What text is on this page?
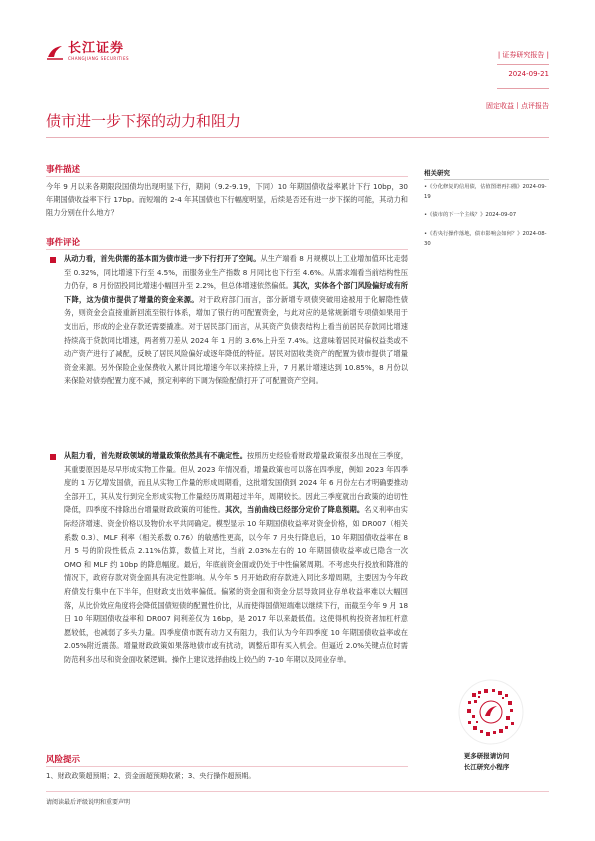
长江证券
CHANGJIANG SECURITIES	| 证券研究报告 |
2024-09-21
固定收益丨点评报告
债市进一步下探的动力和阻力
事件描述
今年 9 月以来各期限段国债均出现明显下行，期间（9.2-9.19，下同）10 年期国债收益率累计下行 10bp，30 年期国债收益率下行 17bp。而短端的 2-4 年其国债也下行幅度明显，后续是否还有进一步下探的可能，其动力和阻力分别在什么地方？
事件评论
从动力看，首先供需的基本面为债市进一步下行打开了空间。从生产端看 8 月规模以上工业增加值环比走弱至 0.32%，同比增速下行至 4.5%，而服务业生产指数 8 月同比也下行至 4.6%。从需求端看当前结构性压力仍存，8 月份固投同比增速小幅回升至 2.2%，但总体增速依然偏低。其次，实体各个部门风险偏好或有所下降，这为债市提供了增量的资金来源。对于政府部门而言，部分新增专项债突破用途被用于化解隐性债务，则资金会直接重新回流至银行体系，增加了银行的可配置资金，与此对应的是常规新增专项债如果用于支出后，形成的企业存款还需要撬准。对于居民部门而言，从其资产负债表结构上看当前居民存款同比增速持续高于贷款同比增速，两者剪刀差从 2024 年 1 月的 3.6%上升至 7.4%。这意味着居民对偏权益类或不动产资产进行了减配，反映了居民风险偏好或逐年降低的特征。居民对固收类资产的配置为债市提供了增量资金来源。另外保险企业保费收入累计同比增速今年以来持续上升，7 月累计增速达到 10.85%，8 月份以来保险对债券配置力度不减，预定利率的下调为保险配债打开了可配置资产空间。
从阻力看，首先财政领域的增量政策依然具有不确定性。按照历史经验看财政增量政策很多出现在三季度，其重要原因是尽早形成实物工作量。但从 2023 年情况看，增量政策也可以落在四季度，例如 2023 年四季度的 1 万亿增发国债，而且从实物工作量的形成周期看，这批增发国债到 2024 年 6 月份左右才明确要推动全部开工，其从发行到完全形成实物工作量经历周期超过半年，周期较长。因此三季度就出台政策的迫切性降低，四季度不排除出台增量财政政策的可能性。其次，当前曲线已经部分定价了降息预期。名义利率由实际经济增速、资金价格以及物价水平共同确定。模型显示 10 年期国债收益率对资金价格，如 DR007（相关系数 0.3）、MLF 利率（相关系数 0.76）的敏感性更高，以今年 7 月央行降息后，10 年期国债收益率在 8 月 5 号的阶段性低点 2.11%估算，数值上对比，当前 2.03%左右的 10 年期国债收益率或已隐含一次 OMO 和 MLF 约 10bp 的降息幅度。最后，年底前资金面或仍处于中性偏紧周期。不考虑央行投放和降准的情况下，政府存款对资金面具有决定性影响。从今年 5 月开始政府存款进入同比多增周期，主要因为今年政府债发行集中在下半年，但财政支出效率偏低。偏紧的资金面和资金分层导致同业存单收益率难以大幅回落，从比价效应角度将会降低国债短债的配置性价比，从而使得国债短端难以继续下行，而截至今年 9 月 18 日 10 年期国债收益率和 DR007 间利差仅为 16bp，是 2017 年以来最低值。这使得机构投资者加杠杆意愿较低，也减弱了多头力量。四季度债市既有动力又有阻力，我们认为今年四季度 10 年期国债收益率或在 2.05%附近震荡。增量财政政策如果落地债市或有扰动，调整后即有买入机会。但逼近 2.0%关键点位时需防范利多出尽和资金面收紧逻辑。操作上建议选择曲线上较凸的 7-10 年期以及同业存单。
风险提示
1、财政政策超预期；2、资金面超预期收紧；3、央行操作超预期。
请阅读最后评级说明和重要声明
相关研究
•《分化修复的信用债，估值图谱再扫描》2024-09-19
•《债市的下一个主线？》2024-09-07
•《若央行操作落地，债市影响会如何？》2024-08-30
更多研报请访问
长江研究小程序
